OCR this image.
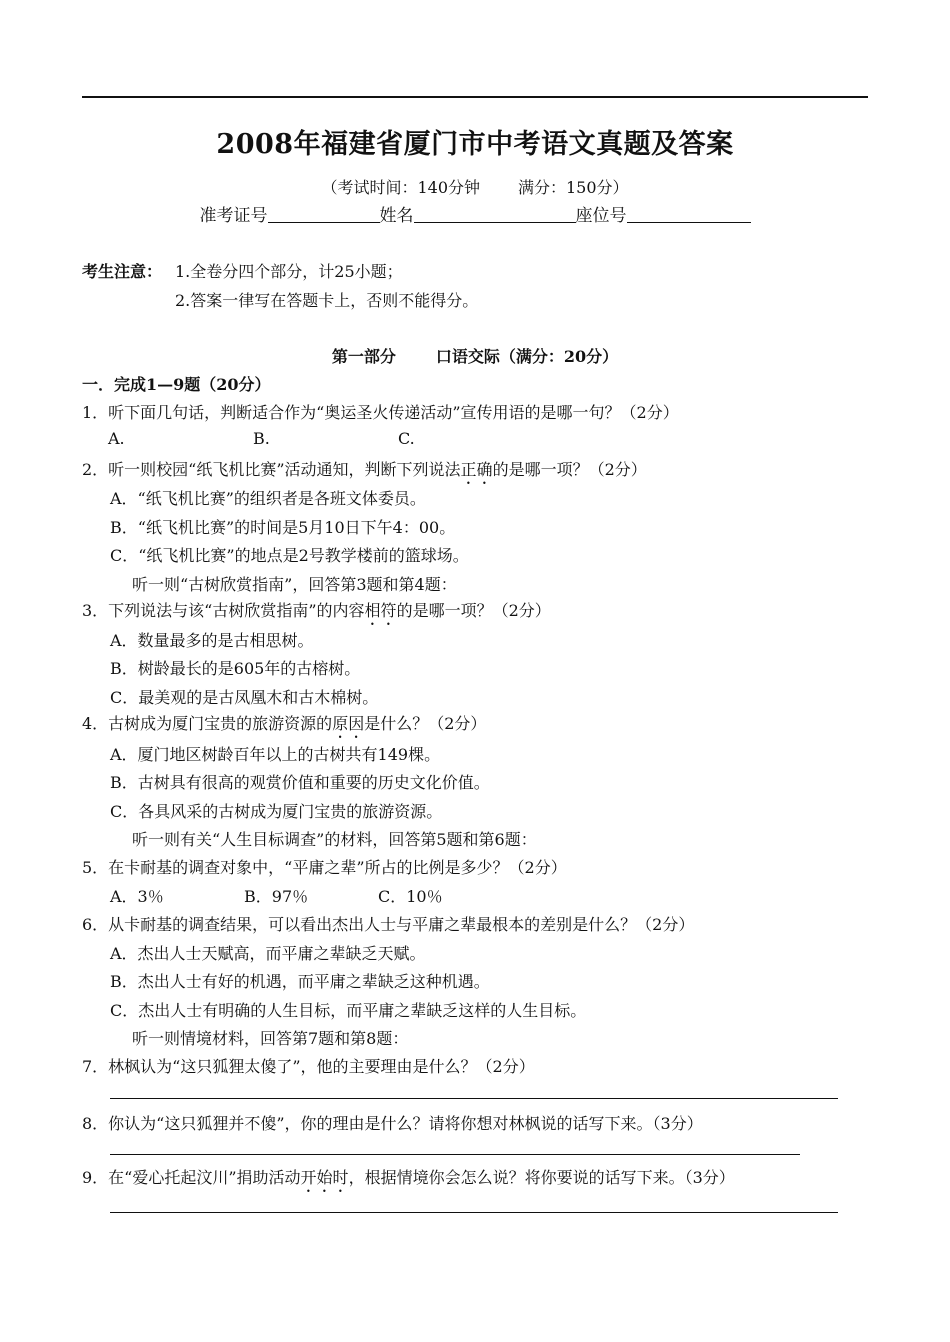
2008年福建省厦门市中考语文真题及答案
（考试时间：140分钟 满分：150分）
准考证号	姓名	座位号
考生注意： 1.全卷分四个部分，计25小题；
2.答案一律写在答题卡上，否则不能得分。
第一部分	口语交际（满分：20分）
一．完成1—9题（20分）
1．听下面几句话，判断适合作为“奥运圣火传递活动”宣传用语的是哪一句？（2分）
A.	B.	C.
2．听一则校园“纸飞机比赛”活动通知，判断下列说法正确的是哪一项？（2分）
A．“纸飞机比赛”的组织者是各班文体委员。
B．“纸飞机比赛”的时间是5月10日下午4：00。
C．“纸飞机比赛”的地点是2号教学楼前的篮球场。
听一则“古树欣赏指南”，回答第3题和第4题：
3．下列说法与该“古树欣赏指南”的内容相符的是哪一项？（2分）
A．数量最多的是古相思树。
B．树龄最长的是605年的古榕树。
C．最美观的是古凤凰木和古木棉树。
4．古树成为厦门宝贵的旅游资源的原因是什么？（2分）
A．厦门地区树龄百年以上的古树共有149棵。
B．古树具有很高的观赏价值和重要的历史文化价值。
C．各具风采的古树成为厦门宝贵的旅游资源。
听一则有关“人生目标调查”的材料，回答第5题和第6题：
5．在卡耐基的调查对象中，“平庸之辈”所占的比例是多少？（2分）
A．3％	B．97％	C．10％
6．从卡耐基的调查结果，可以看出杰出人士与平庸之辈最根本的差别是什么？（2分）
A．杰出人士天赋高，而平庸之辈缺乏天赋。
B．杰出人士有好的机遇，而平庸之辈缺乏这种机遇。
C．杰出人士有明确的人生目标，而平庸之辈缺乏这样的人生目标。
听一则情境材料，回答第7题和第8题：
7．林枫认为“这只狐狸太傻了”，他的主要理由是什么？（2分）
8．你认为“这只狐狸并不傻”，你的理由是什么？请将你想对林枫说的话写下来。（3分）
9．在“爱心托起汶川”捐助活动开始时，根据情境你会怎么说？将你要说的话写下来。（3分）
